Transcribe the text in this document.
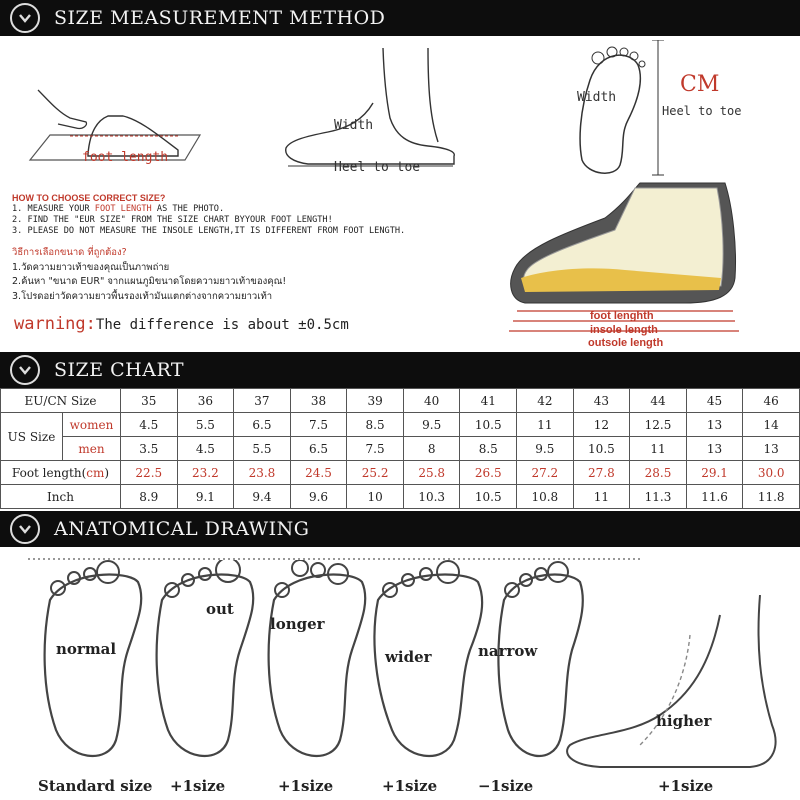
SIZE MEASUREMENT METHOD
foot length
Width
Heel to toe
Width
CM
Heel to toe
foot lenghth
insole length
outsole length
HOW TO CHOOSE CORRECT SIZE?
1. MEASURE YOUR FOOT LENGTH AS THE PHOTO.
2. FIND THE "EUR SIZE" FROM THE SIZE CHART BYYOUR FOOT LENGTH!
3. PLEASE DO NOT MEASURE THE INSOLE LENGTH,IT IS DIFFERENT FROM FOOT LENGTH.
วิธีการเลือกขนาด ที่ถูกต้อง?
1.วัดความยาวเท้าของคุณเป็นภาพถ่าย
2.ค้นหา "ขนาด EUR" จากแผนภูมิขนาดโดยความยาวเท้าของคุณ!
3.โปรดอย่าวัดความยาวพื้นรองเท้ามันแตกต่างจากความยาวเท้า
warning:The difference is about ±0.5cm
SIZE CHART
EU/CN Size		35	36	37	38	39	40	41	42	43	44	45	46
US Size	women	4.5	5.5	6.5	7.5	8.5	9.5	10.5	11	12	12.5	13	14
	men	3.5	4.5	5.5	6.5	7.5	8	8.5	9.5	10.5	11	13	13
Foot length(cm)		22.5	23.2	23.8	24.5	25.2	25.8	26.5	27.2	27.8	28.5	29.1	30.0
Inch		8.9	9.1	9.4	9.6	10	10.3	10.5	10.8	11	11.3	11.6	11.8
ANATOMICAL DRAWING
normal
out
longer
wider	narrow
higher
Standard size +1size	+1size	+1size	−1size	+1size
